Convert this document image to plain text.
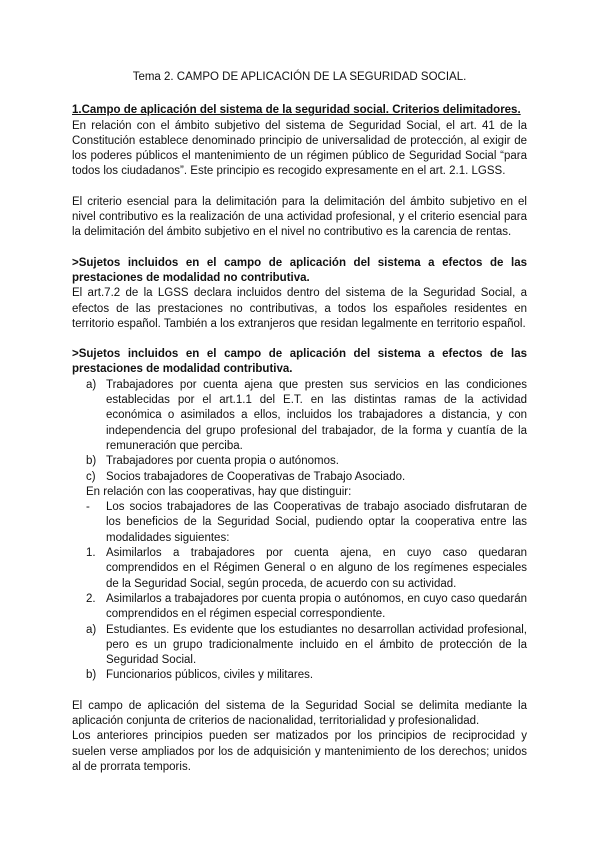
Tema 2. CAMPO DE APLICACIÓN DE LA SEGURIDAD SOCIAL.
1.Campo de aplicación del sistema de la seguridad social. Criterios delimitadores.

En relación con el ámbito subjetivo del sistema de Seguridad Social, el art. 41 de la Constitución establece denominado principio de universalidad de protección, al exigir de los poderes públicos el mantenimiento de un régimen público de Seguridad Social “para todos los ciudadanos”. Este principio es recogido expresamente en el art. 2.1. LGSS.

El criterio esencial para la delimitación para la delimitación del ámbito subjetivo en el nivel contributivo es la realización de una actividad profesional, y el criterio esencial para la delimitación del ámbito subjetivo en el nivel no contributivo es la carencia de rentas.

>Sujetos incluidos en el campo de aplicación del sistema a efectos de las prestaciones de modalidad no contributiva.

El art.7.2 de la LGSS declara incluidos dentro del sistema de la Seguridad Social, a efectos de las prestaciones no contributivas, a todos los españoles residentes en territorio español. También a los extranjeros que residan legalmente en territorio español.

>Sujetos incluidos en el campo de aplicación del sistema a efectos de las prestaciones de modalidad contributiva.
a) Trabajadores por cuenta ajena que presten sus servicios en las condiciones establecidas por el art.1.1 del E.T. en las distintas ramas de la actividad económica o asimilados a ellos, incluidos los trabajadores a distancia, y con independencia del grupo profesional del trabajador, de la forma y cuantía de la remuneración que perciba.
b) Trabajadores por cuenta propia o autónomos.
c) Socios trabajadores de Cooperativas de Trabajo Asociado.

En relación con las cooperativas, hay que distinguir:

-	Los socios trabajadores de las Cooperativas de trabajo asociado disfrutaran de los beneficios de la Seguridad Social, pudiendo optar la cooperativa entre las modalidades siguientes:
1. Asimilarlos a trabajadores por cuenta ajena, en cuyo caso quedaran comprendidos en el Régimen General o en alguno de los regímenes especiales de la Seguridad Social, según proceda, de acuerdo con su actividad.
2. Asimilarlos a trabajadores por cuenta propia o autónomos, en cuyo caso quedarán comprendidos en el régimen especial correspondiente.
a) Estudiantes. Es evidente que los estudiantes no desarrollan actividad profesional, pero es un grupo tradicionalmente incluido en el ámbito de protección de la Seguridad Social.
b) Funcionarios públicos, civiles y militares.

El campo de aplicación del sistema de la Seguridad Social se delimita mediante la aplicación conjunta de criterios de nacionalidad, territorialidad y profesionalidad.

Los anteriores principios pueden ser matizados por los principios de reciprocidad y suelen verse ampliados por los de adquisición y mantenimiento de los derechos; unidos al de prorrata temporis.
